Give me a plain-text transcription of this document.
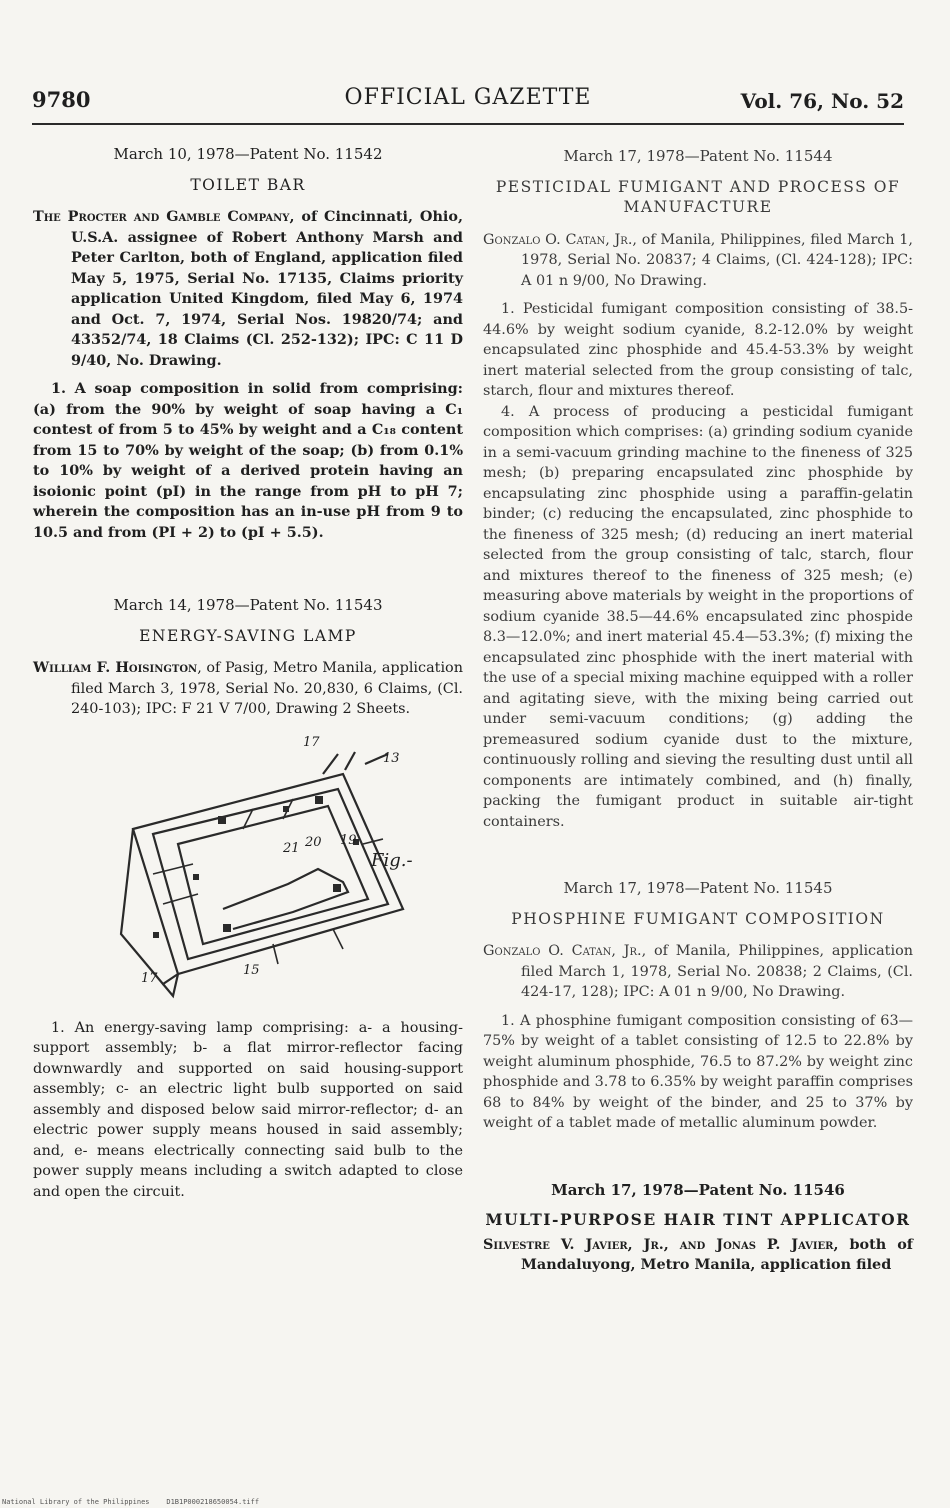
9780	OFFICIAL GAZETTE	Vol. 76, No. 52
March 10, 1978—Patent No. 11542
TOILET BAR

The Procter and Gamble Company, of Cincinnati, Ohio, U.S.A. assignee of Robert Anthony Marsh and Peter Carlton, both of England, application filed May 5, 1975, Serial No. 17135, Claims priority application United Kingdom, filed May 6, 1974 and Oct. 7, 1974, Serial Nos. 19820/74; and 43352/74, 18 Claims (Cl. 252-132); IPC: C 11 D 9/40, No. Drawing.

1. A soap composition in solid from comprising: (a) from the 90% by weight of soap having a C₁ contest of from 5 to 45% by weight and a C₁₈ content from 15 to 70% by weight of the soap; (b) from 0.1% to 10% by weight of a derived protein having an isoionic point (pI) in the range from pH to pH 7; wherein the composition has an in-use pH from 9 to 10.5 and from (PI + 2) to (pI + 5.5).

March 14, 1978—Patent No. 11543
ENERGY-SAVING LAMP

William F. Hoisington, of Pasig, Metro Manila, application filed March 3, 1978, Serial No. 20,830, 6 Claims, (Cl. 240-103); IPC: F 21 V 7/00, Drawing 2 Sheets.

17
13
21 20 19
Fig.-
15
17

1. An energy-saving lamp comprising: a- a housing-support assembly; b- a flat mirror-reflector facing downwardly and supported on said housing-support assembly; c- an electric light bulb supported on said assembly and disposed below said mirror-reflector; d- an electric power supply means housed in said assembly; and, e- means electrically connecting said bulb to the power supply means including a switch adapted to close and open the circuit.

March 17, 1978—Patent No. 11544
PESTICIDAL FUMIGANT AND PROCESS OF MANUFACTURE

Gonzalo O. Catan, Jr., of Manila, Philippines, filed March 1, 1978, Serial No. 20837; 4 Claims, (Cl. 424-128); IPC: A 01 n 9/00, No Drawing.

1. Pesticidal fumigant composition consisting of 38.5-44.6% by weight sodium cyanide, 8.2-12.0% by weight encapsulated zinc phosphide and 45.4-53.3% by weight inert material selected from the group consisting of talc, starch, flour and mixtures thereof.

4. A process of producing a pesticidal fumigant composition which comprises: (a) grinding sodium cyanide in a semi-vacuum grinding machine to the fineness of 325 mesh; (b) preparing encapsulated zinc phosphide by encapsulating zinc phosphide using a paraffin-gelatin binder; (c) reducing the encapsulated, zinc phosphide to the fineness of 325 mesh; (d) reducing an inert material selected from the group consisting of talc, starch, flour and mixtures thereof to the fineness of 325 mesh; (e) measuring above materials by weight in the proportions of sodium cyanide 38.5—44.6% encapsulated zinc phospide 8.3—12.0%; and inert material 45.4—53.3%; (f) mixing the encapsulated zinc phosphide with the inert material with the use of a special mixing machine equipped with a roller and agitating sieve, with the mixing being carried out under semi-vacuum conditions; (g) adding the premeasured sodium cyanide dust to the mixture, continuously rolling and sieving the resulting dust until all components are intimately combined, and (h) finally, packing the fumigant product in suitable air-tight containers.

March 17, 1978—Patent No. 11545
PHOSPHINE FUMIGANT COMPOSITION

Gonzalo O. Catan, Jr., of Manila, Philippines, application filed March 1, 1978, Serial No. 20838; 2 Claims, (Cl. 424-17, 128); IPC: A 01 n 9/00, No Drawing.

1. A phosphine fumigant composition consisting of 63—75% by weight of a tablet consisting of 12.5 to 22.8% by weight aluminum phosphide, 76.5 to 87.2% by weight zinc phosphide and 3.78 to 6.35% by weight paraffin comprises 68 to 84% by weight of the binder, and 25 to 37% by weight of a tablet made of metallic aluminum powder.

March 17, 1978—Patent No. 11546
MULTI-PURPOSE HAIR TINT APPLICATOR

Silvestre V. Javier, Jr., and Jonas P. Javier, both of Mandaluyong, Metro Manila, application filed

National Library of the Philippines    D1B1P000218650054.tiff
